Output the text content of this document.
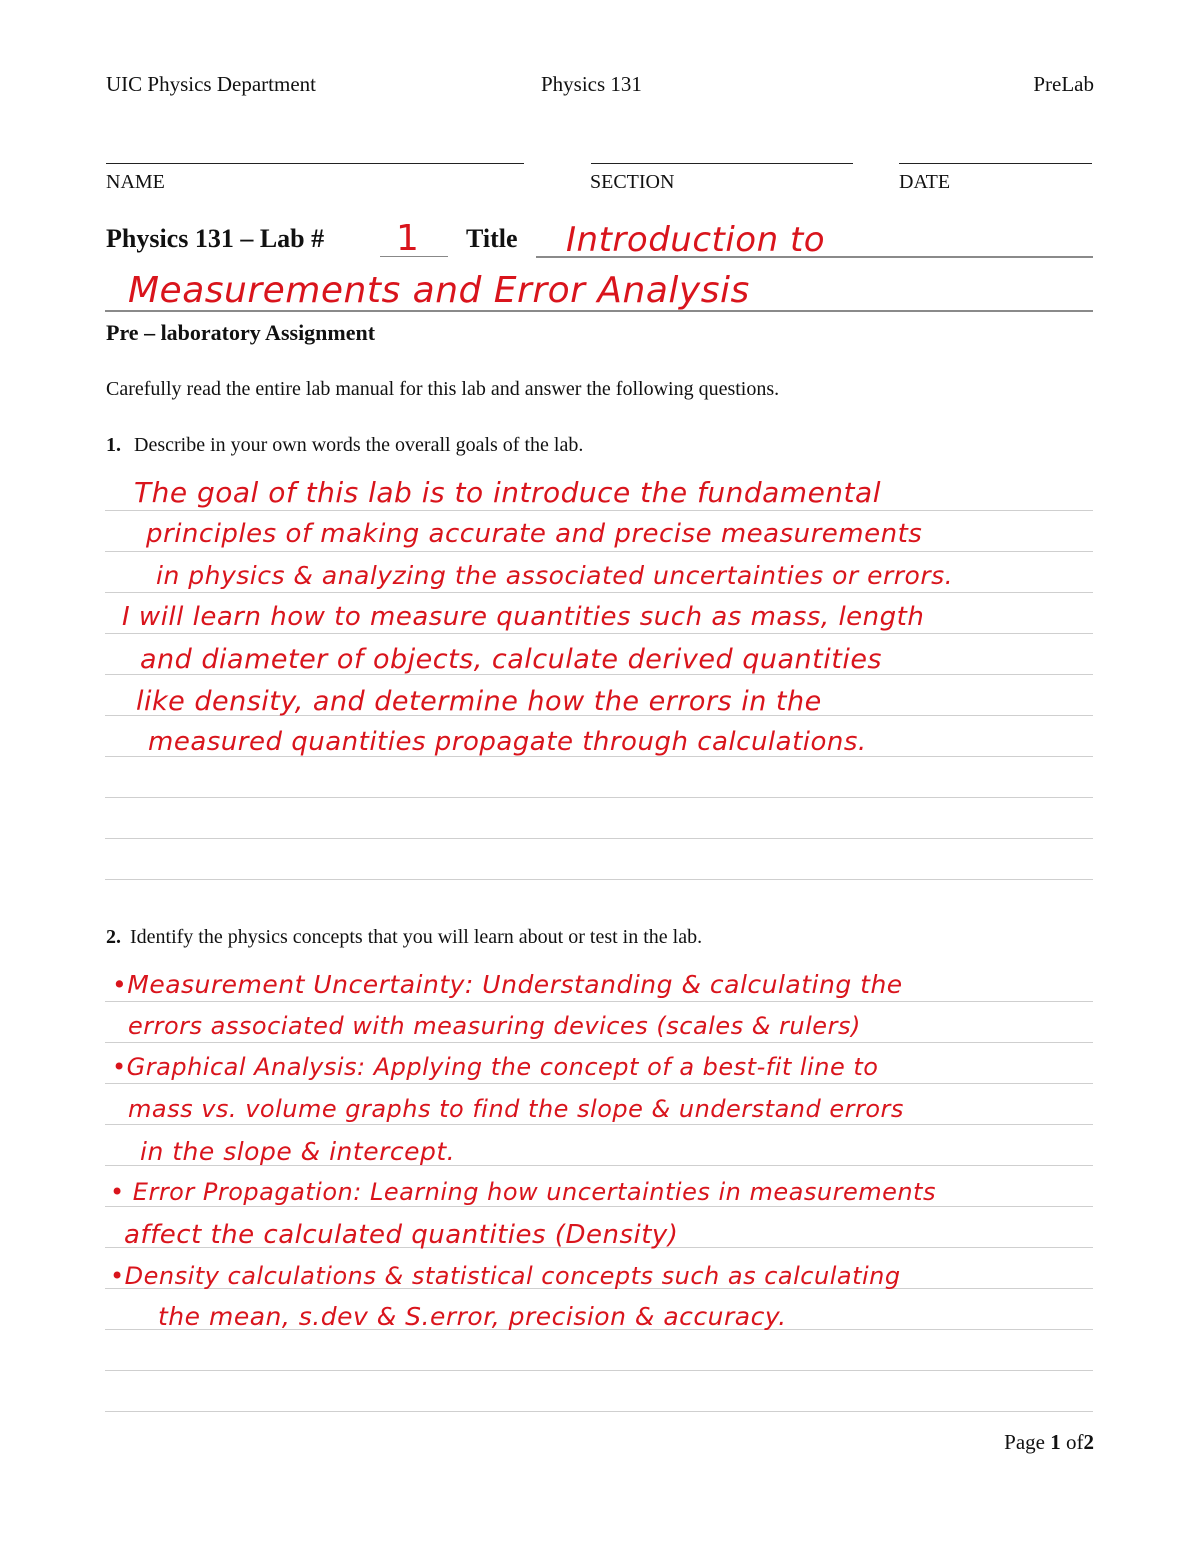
UIC Physics Department	Physics 131	PreLab
NAME	SECTION	DATE
Physics 131 – Lab # 1 Title Introduction to
Measurements and Error Analysis
Pre – laboratory Assignment
Carefully read the entire lab manual for this lab and answer the following questions.
1. Describe in your own words the overall goals of the lab.
The goal of this lab is to introduce the fundamental
principles of making accurate and precise measurements
in physics & analyzing the associated uncertainties or errors.
I will learn how to measure quantities such as mass, length
and diameter of objects, calculate derived quantities
like density, and determine how the errors in the
measured quantities propagate through calculations.
2. Identify the physics concepts that you will learn about or test in the lab.
•Measurement Uncertainty: Understanding & calculating the
errors associated with measuring devices (scales & rulers)
•Graphical Analysis: Applying the concept of a best-fit line to
mass vs. volume graphs to find the slope & understand errors
in the slope & intercept.
• Error Propagation: Learning how uncertainties in measurements
affect the calculated quantities (Density)
•Density calculations & statistical concepts such as calculating
the mean, s.dev & S.error, precision & accuracy.
Page 1 of2
